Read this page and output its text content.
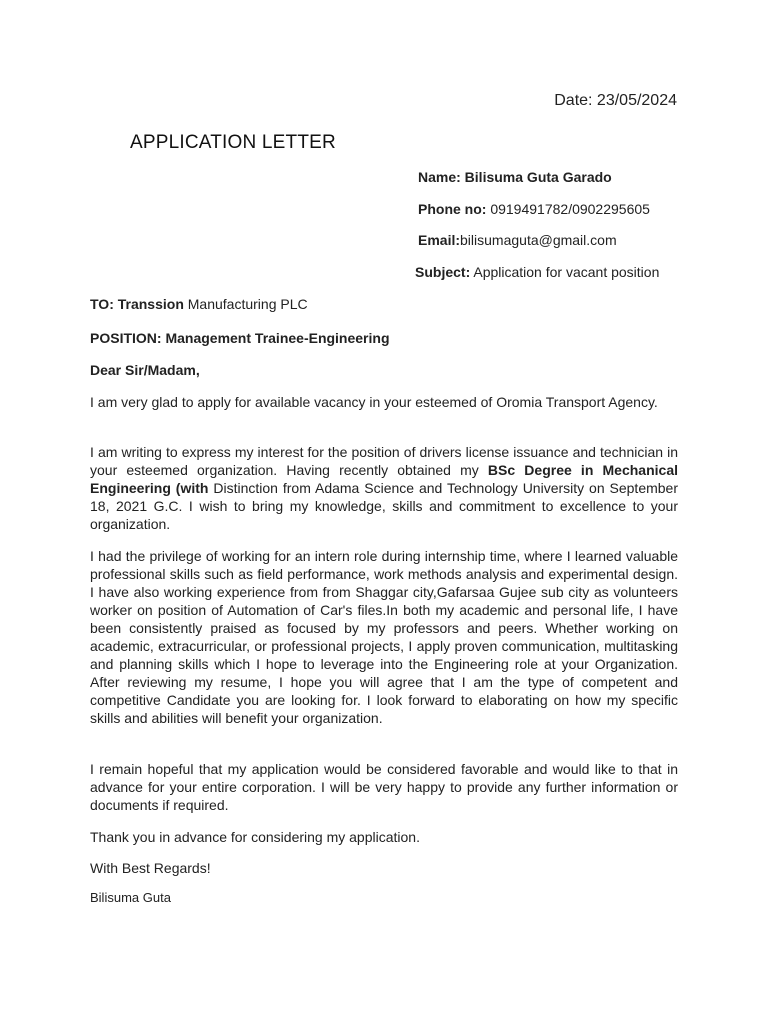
Date: 23/05/2024
APPLICATION LETTER
Name: Bilisuma Guta Garado
Phone no: 0919491782/0902295605
Email:bilisumaguta@gmail.com
Subject: Application for vacant position
TO: Transsion Manufacturing PLC
POSITION: Management Trainee-Engineering
Dear Sir/Madam,
I am very glad to apply for available vacancy in your esteemed of Oromia Transport Agency.
I am writing to express my interest for the position of drivers license issuance and technician in your esteemed organization. Having recently obtained my BSc Degree in Mechanical Engineering (with Distinction from Adama Science and Technology University on September 18, 2021 G.C. I wish to bring my knowledge, skills and commitment to excellence to your organization.
I had the privilege of working for an intern role during internship time, where I learned valuable professional skills such as field performance, work methods analysis and experimental design. I have also working experience from from Shaggar city,Gafarsaa Gujee sub city as volunteers worker on position of Automation of Car's files.In both my academic and personal life, I have been consistently praised as focused by my professors and peers. Whether working on academic, extracurricular, or professional projects, I apply proven communication, multitasking and planning skills which I hope to leverage into the Engineering role at your Organization. After reviewing my resume, I hope you will agree that I am the type of competent and competitive Candidate you are looking for. I look forward to elaborating on how my specific skills and abilities will benefit your organization.
I remain hopeful that my application would be considered favorable and would like to that in advance for your entire corporation. I will be very happy to provide any further information or documents if required.
Thank you in advance for considering my application.
With Best Regards!
Bilisuma Guta
